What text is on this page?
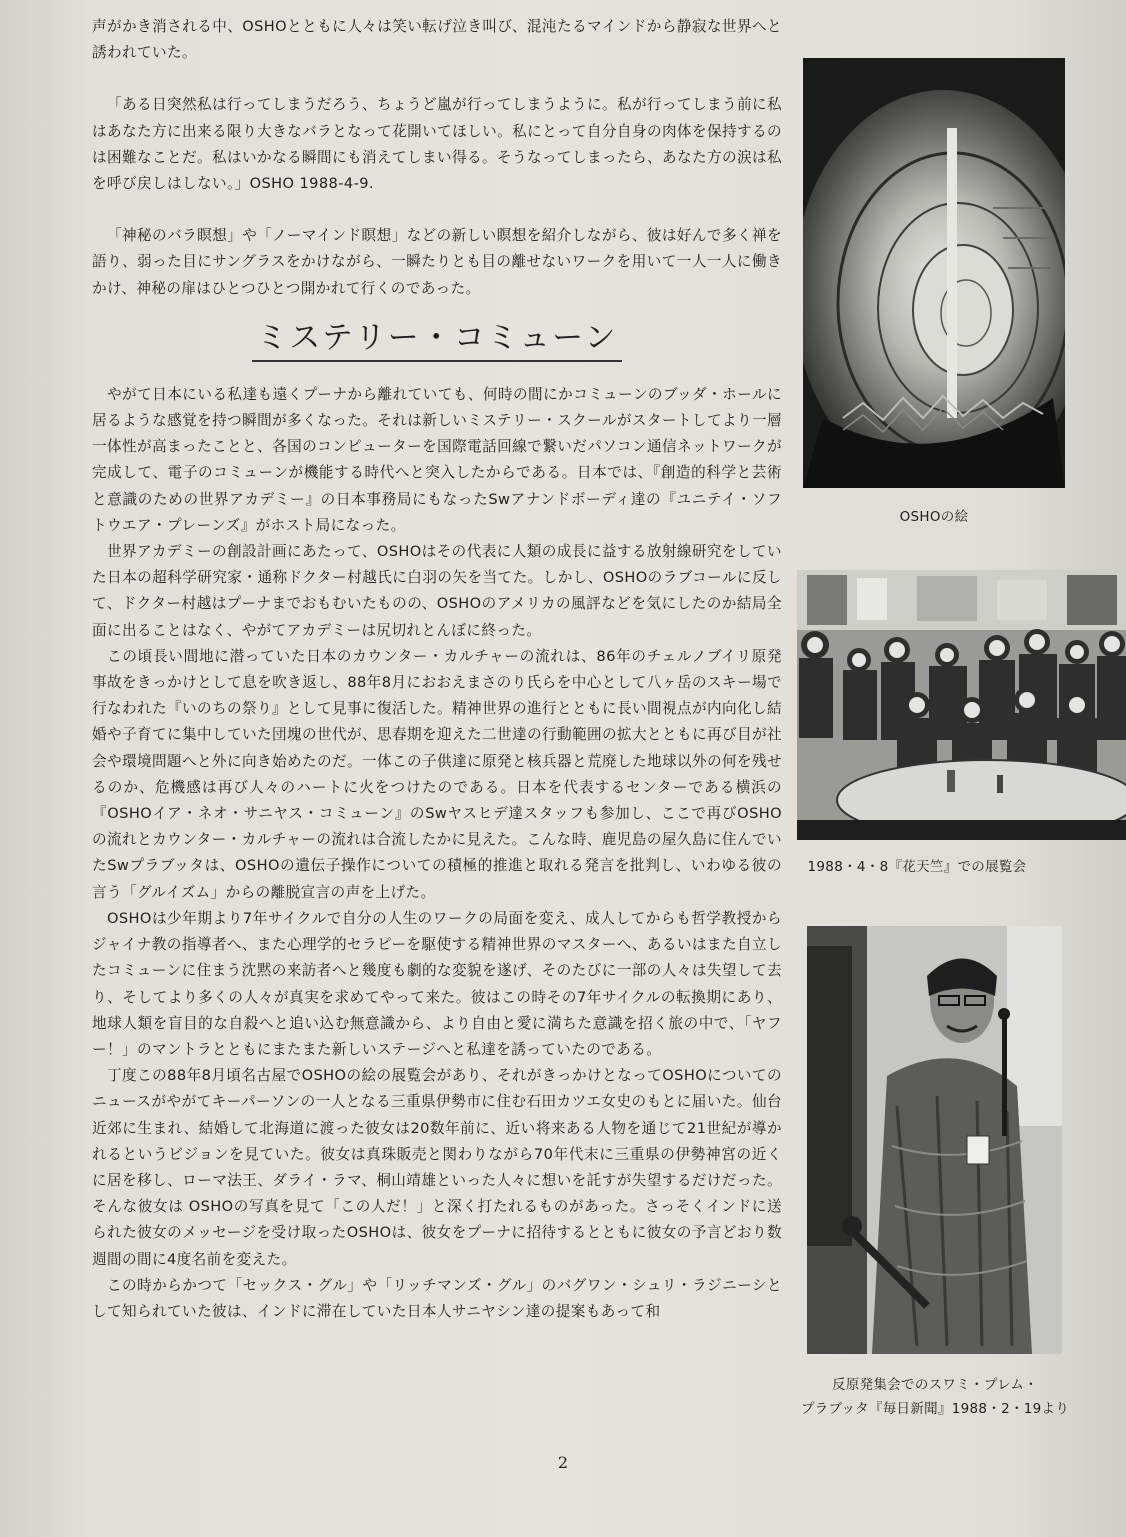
声がかき消される中、OSHOとともに人々は笑い転げ泣き叫び、混沌たるマインドから静寂な世界へと誘われていた。

「ある日突然私は行ってしまうだろう、ちょうど嵐が行ってしまうように。私が行ってしまう前に私はあなた方に出来る限り大きなバラとなって花開いてほしい。私にとって自分自身の肉体を保持するのは困難なことだ。私はいかなる瞬間にも消えてしまい得る。そうなってしまったら、あなた方の涙は私を呼び戻しはしない。」OSHO 1988-4-9.

「神秘のバラ瞑想」や「ノーマインド瞑想」などの新しい瞑想を紹介しながら、彼は好んで多く禅を語り、弱った目にサングラスをかけながら、一瞬たりとも目の離せないワークを用いて一人一人に働きかけ、神秘の扉はひとつひとつ開かれて行くのであった。

ミステリー・コミューン

やがて日本にいる私達も遠くプーナから離れていても、何時の間にかコミューンのブッダ・ホールに居るような感覚を持つ瞬間が多くなった。それは新しいミステリー・スクールがスタートしてより一層一体性が高まったことと、各国のコンピューターを国際電話回線で繋いだパソコン通信ネットワークが完成して、電子のコミューンが機能する時代へと突入したからである。日本では、『創造的科学と芸術と意識のための世界アカデミー』の日本事務局にもなったSwアナンドボーディ達の『ユニテイ・ソフトウエア・プレーンズ』がホスト局になった。

世界アカデミーの創設計画にあたって、OSHOはその代表に人類の成長に益する放射線研究をしていた日本の超科学研究家・通称ドクター村越氏に白羽の矢を当てた。しかし、OSHOのラブコールに反して、ドクター村越はプーナまでおもむいたものの、OSHOのアメリカの風評などを気にしたのか結局全面に出ることはなく、やがてアカデミーは尻切れとんぼに終った。

この頃長い間地に潜っていた日本のカウンター・カルチャーの流れは、86年のチェルノブイリ原発事故をきっかけとして息を吹き返し、88年8月におおえまさのり氏らを中心として八ヶ岳のスキー場で行なわれた『いのちの祭り』として見事に復活した。精神世界の進行とともに長い間視点が内向化し結婚や子育てに集中していた団塊の世代が、思春期を迎えた二世達の行動範囲の拡大とともに再び目が社会や環境問題へと外に向き始めたのだ。一体この子供達に原発と核兵器と荒廃した地球以外の何を残せるのか、危機感は再び人々のハートに火をつけたのである。日本を代表するセンターである横浜の『OSHOイア・ネオ・サニヤス・コミューン』のSwヤスヒデ達スタッフも参加し、ここで再びOSHOの流れとカウンター・カルチャーの流れは合流したかに見えた。こんな時、鹿児島の屋久島に住んでいたSwプラブッタは、OSHOの遺伝子操作についての積極的推進と取れる発言を批判し、いわゆる彼の言う「グルイズム」からの離脱宣言の声を上げた。

OSHOは少年期より7年サイクルで自分の人生のワークの局面を変え、成人してからも哲学教授からジャイナ教の指導者へ、また心理学的セラピーを駆使する精神世界のマスターへ、あるいはまた自立したコミューンに住まう沈黙の来訪者へと幾度も劇的な変貌を遂げ、そのたびに一部の人々は失望して去り、そしてより多くの人々が真実を求めてやって来た。彼はこの時その7年サイクルの転換期にあり、地球人類を盲目的な自殺へと追い込む無意識から、より自由と愛に満ちた意識を招く旅の中で、「ヤフー！」のマントラとともにまたまた新しいステージへと私達を誘っていたのである。

丁度この88年8月頃名古屋でOSHOの絵の展覧会があり、それがきっかけとなってOSHOについてのニュースがやがてキーパーソンの一人となる三重県伊勢市に住む石田カツエ女史のもとに届いた。仙台近郊に生まれ、結婚して北海道に渡った彼女は20数年前に、近い将来ある人物を通じて21世紀が導かれるというビジョンを見ていた。彼女は真珠販売と関わりながら70年代末に三重県の伊勢神宮の近くに居を移し、ローマ法王、ダライ・ラマ、桐山靖雄といった人々に想いを託すが失望するだけだった。そんな彼女は OSHOの写真を見て「この人だ！」と深く打たれるものがあった。さっそくインドに送られた彼女のメッセージを受け取ったOSHOは、彼女をプーナに招待するとともに彼女の予言どおり数週間の間に4度名前を変えた。

この時からかつて「セックス・グル」や「リッチマンズ・グル」のバグワン・シュリ・ラジニーシとして知られていた彼は、インドに滞在していた日本人サニヤシン達の提案もあって和

OSHOの絵
1988・4・8『花天竺』での展覧会
反原発集会でのスワミ・プレム・
プラブッタ『毎日新聞』1988・2・19より
2
